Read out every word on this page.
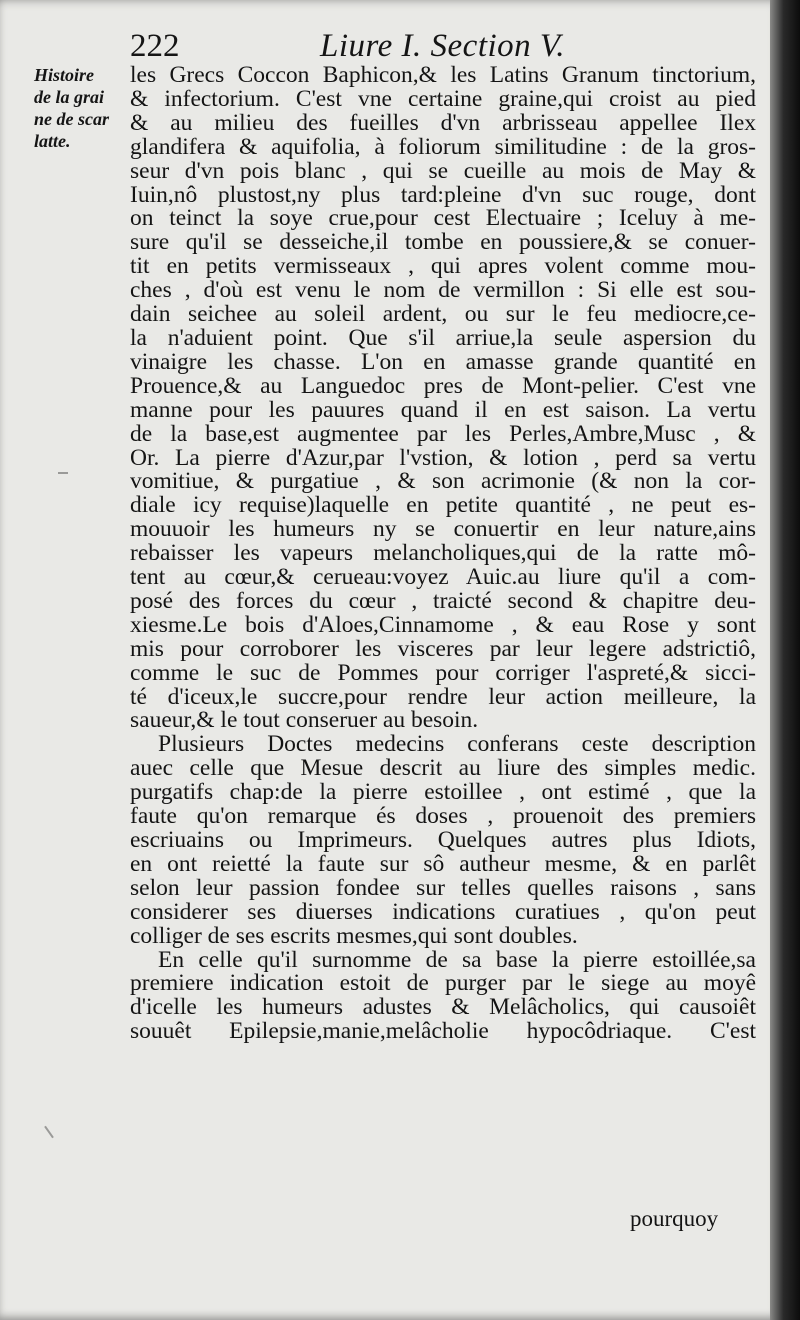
222	Liure I. Section V.
Histoire
de la grai
ne de scar
latte.
les Grecs Coccon Baphicon,& les Latins Granum tinctorium,
& infectorium. C'est vne certaine graine,qui croist au pied
& au milieu des fueilles d'vn arbrisseau appellee Ilex
glandifera & aquifolia, à foliorum similitudine : de la gros-
seur d'vn pois blanc , qui se cueille au mois de May &
Iuin,nô plustost,ny plus tard:pleine d'vn suc rouge, dont
on teinct la soye crue,pour cest Electuaire ; Iceluy à me-
sure qu'il se desseiche,il tombe en poussiere,& se conuer-
tit en petits vermisseaux , qui apres volent comme mou-
ches , d'où est venu le nom de vermillon : Si elle est sou-
dain seichee au soleil ardent, ou sur le feu mediocre,ce-
la n'aduient point. Que s'il arriue,la seule aspersion du
vinaigre les chasse. L'on en amasse grande quantité en
Prouence,& au Languedoc pres de Mont-pelier. C'est vne
manne pour les pauures quand il en est saison. La vertu
de la base,est augmentee par les Perles,Ambre,Musc , &
Or. La pierre d'Azur,par l'vstion, & lotion , perd sa vertu
vomitiue, & purgatiue , & son acrimonie (& non la cor-
diale icy requise)laquelle en petite quantité , ne peut es-
mouuoir les humeurs ny se conuertir en leur nature,ains
rebaisser les vapeurs melancholiques,qui de la ratte mô-
tent au cœur,& cerueau:voyez Auic.au liure qu'il a com-
posé des forces du cœur , traicté second & chapitre deu-
xiesme.Le bois d'Aloes,Cinnamome , & eau Rose y sont
mis pour corroborer les visceres par leur legere adstrictiô,
comme le suc de Pommes pour corriger l'aspreté,& sicci-
té d'iceux,le succre,pour rendre leur action meilleure, la
saueur,& le tout conseruer au besoin.
Plusieurs Doctes medecins conferans ceste description
auec celle que Mesue descrit au liure des simples medic.
purgatifs chap:de la pierre estoillee , ont estimé , que la
faute qu'on remarque és doses , prouenoit des premiers
escriuains ou Imprimeurs. Quelques autres plus Idiots,
en ont reietté la faute sur sô autheur mesme, & en parlêt
selon leur passion fondee sur telles quelles raisons , sans
considerer ses diuerses indications curatiues , qu'on peut
colliger de ses escrits mesmes,qui sont doubles.
En celle qu'il surnomme de sa base la pierre estoillée,sa
premiere indication estoit de purger par le siege au moyê
d'icelle les humeurs adustes & Melâcholics, qui causoiêt
souuêt Epilepsie,manie,melâcholie hypocôdriaque. C'est
pourquoy
